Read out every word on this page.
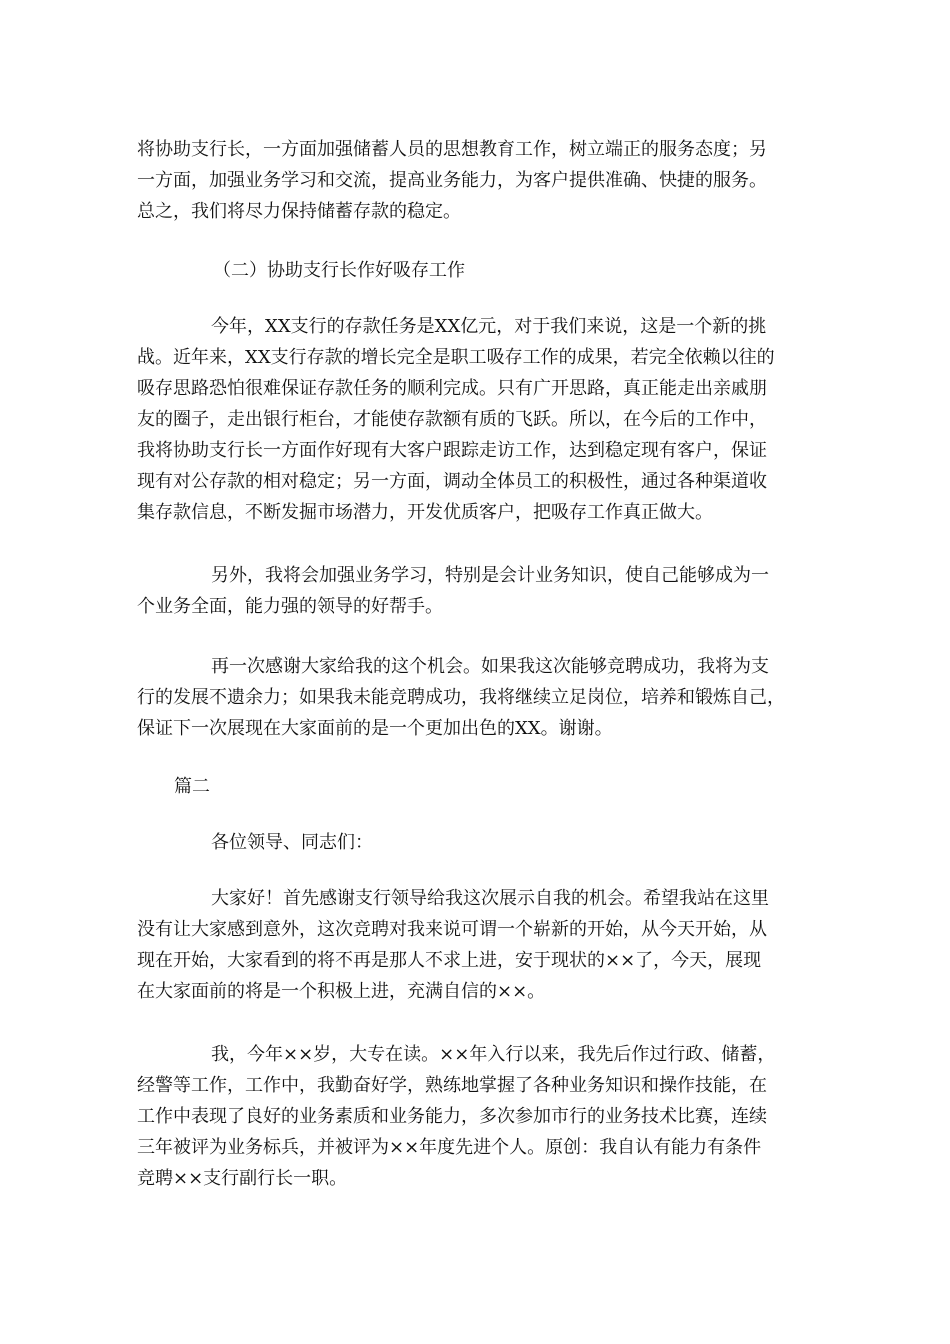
将协助支行长，一方面加强储蓄人员的思想教育工作，树立端正的服务态度；另
一方面，加强业务学习和交流，提高业务能力，为客户提供准确、快捷的服务。
总之，我们将尽力保持储蓄存款的稳定。
（二）协助支行长作好吸存工作
今年，XX支行的存款任务是XX亿元，对于我们来说，这是一个新的挑
战。近年来，XX支行存款的增长完全是职工吸存工作的成果，若完全依赖以往的
吸存思路恐怕很难保证存款任务的顺利完成。只有广开思路，真正能走出亲戚朋
友的圈子，走出银行柜台，才能使存款额有质的飞跃。所以，在今后的工作中，
我将协助支行长一方面作好现有大客户跟踪走访工作，达到稳定现有客户，保证
现有对公存款的相对稳定；另一方面，调动全体员工的积极性，通过各种渠道收
集存款信息，不断发掘市场潜力，开发优质客户，把吸存工作真正做大。
另外，我将会加强业务学习，特别是会计业务知识，使自己能够成为一
个业务全面，能力强的领导的好帮手。
再一次感谢大家给我的这个机会。如果我这次能够竞聘成功，我将为支
行的发展不遗余力；如果我未能竞聘成功，我将继续立足岗位，培养和锻炼自己，
保证下一次展现在大家面前的是一个更加出色的XX。谢谢。
篇二
各位领导、同志们：
大家好！首先感谢支行领导给我这次展示自我的机会。希望我站在这里
没有让大家感到意外，这次竞聘对我来说可谓一个崭新的开始，从今天开始，从
现在开始，大家看到的将不再是那人不求上进，安于现状的××了，今天，展现
在大家面前的将是一个积极上进，充满自信的××。
我，今年××岁，大专在读。××年入行以来，我先后作过行政、储蓄，
经警等工作，工作中，我勤奋好学，熟练地掌握了各种业务知识和操作技能，在
工作中表现了良好的业务素质和业务能力，多次参加市行的业务技术比赛，连续
三年被评为业务标兵，并被评为××年度先进个人。原创：我自认有能力有条件
竞聘××支行副行长一职。
